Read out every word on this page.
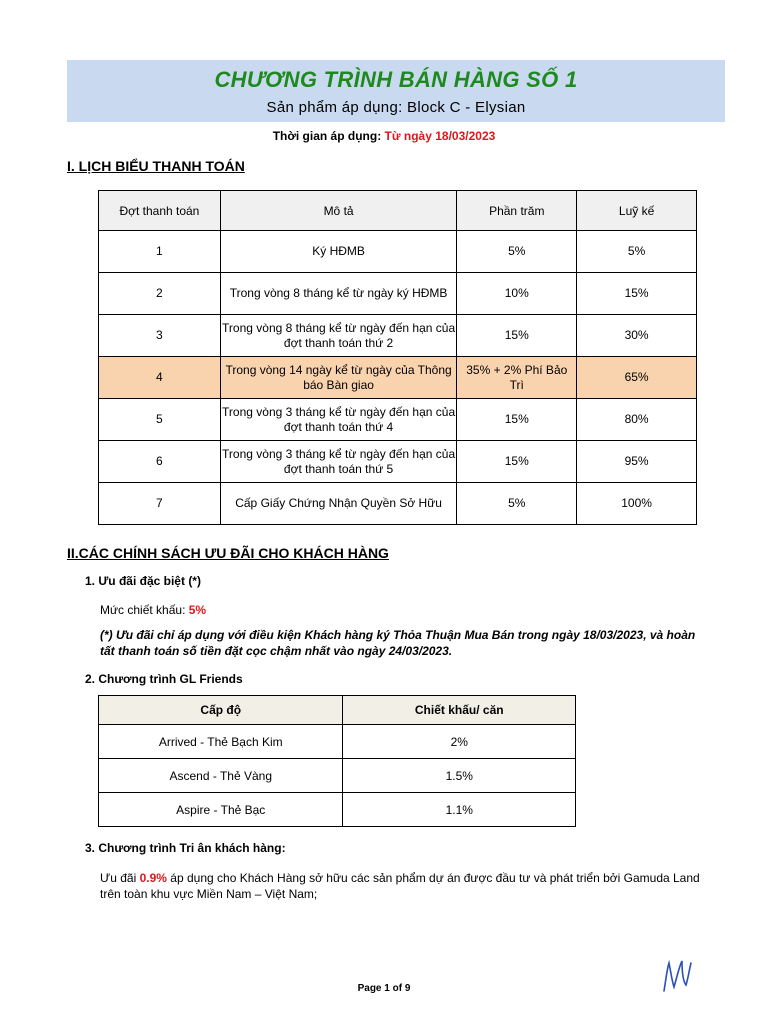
CHƯƠNG TRÌNH BÁN HÀNG SỐ 1
Sản phẩm áp dụng: Block C - Elysian
Thời gian áp dụng: Từ ngày 18/03/2023
I. LỊCH BIỂU THANH TOÁN
Đợt thanh toán	Mô tả	Phần trăm	Luỹ kế
1	Ký HĐMB	5%	5%
2	Trong vòng 8 tháng kể từ ngày ký HĐMB	10%	15%
3	Trong vòng 8 tháng kể từ ngày đến hạn của đợt thanh toán thứ 2	15%	30%
4	Trong vòng 14 ngày kể từ ngày của Thông báo Bàn giao	35% + 2% Phí Bảo Trì	65%
5	Trong vòng 3 tháng kể từ ngày đến hạn của đợt thanh toán thứ 4	15%	80%
6	Trong vòng 3 tháng kể từ ngày đến hạn của đợt thanh toán thứ 5	15%	95%
7	Cấp Giấy Chứng Nhận Quyền Sở Hữu	5%	100%
II.CÁC CHÍNH SÁCH ƯU ĐÃI CHO KHÁCH HÀNG
1. Ưu đãi đặc biệt (*)
Mức chiết khấu: 5%
(*) Ưu đãi chỉ áp dụng với điều kiện Khách hàng ký Thỏa Thuận Mua Bán trong ngày 18/03/2023, và hoàn tất thanh toán số tiền đặt cọc chậm nhất vào ngày 24/03/2023.
2. Chương trình GL Friends
Cấp độ	Chiết khấu/ căn
Arrived - Thẻ Bạch Kim	2%
Ascend - Thẻ Vàng	1.5%
Aspire - Thẻ Bạc	1.1%
3. Chương trình Tri ân khách hàng:
Ưu đãi 0.9% áp dụng cho Khách Hàng sở hữu các sản phẩm dự án được đầu tư và phát triển bởi Gamuda Land trên toàn khu vực Miền Nam – Việt Nam;
Page 1 of 9
